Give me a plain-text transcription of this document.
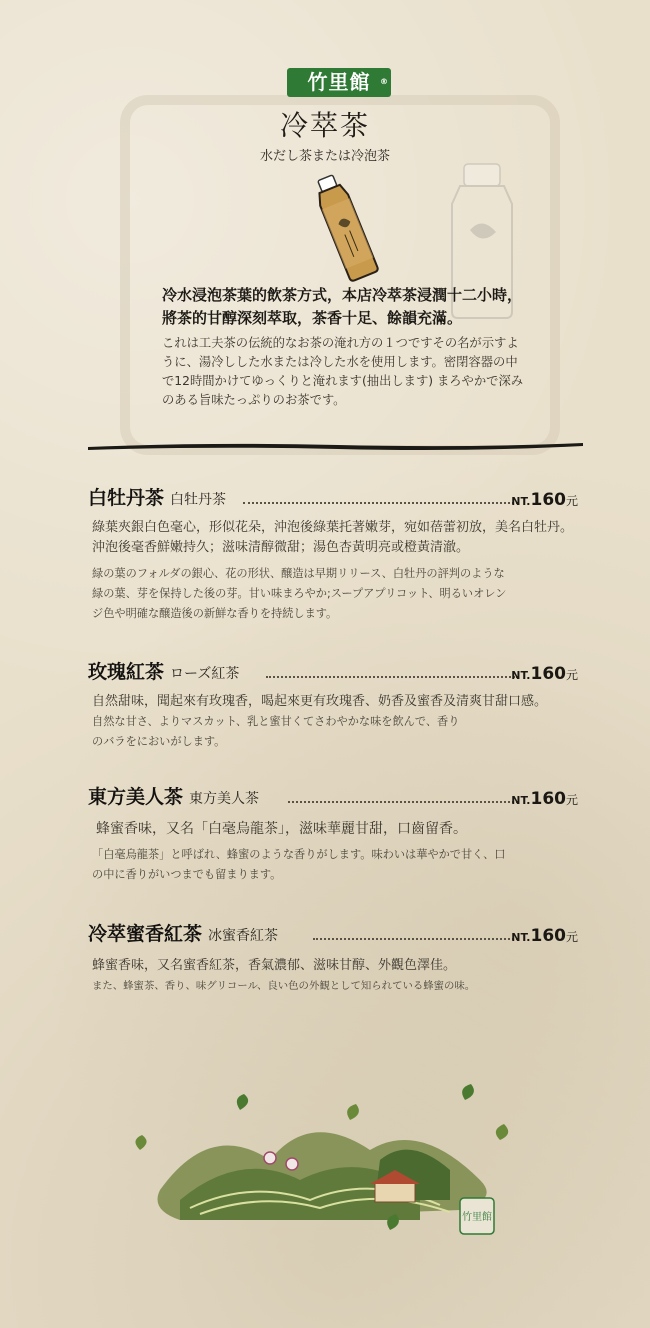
竹里館 ®
冷萃茶
水だし茶または冷泡茶
冷水浸泡茶葉的飲茶方式，本店冷萃茶浸潤十二小時，將茶的甘醇深刻萃取，茶香十足、餘韻充滿。
これは工夫茶の伝統的なお茶の淹れ方の１つですその名が示すように、湯冷しした水または冷した水を使用します。密閉容器の中で12時間かけてゆっくりと淹れます(抽出します) まろやかで深みのある旨味たっぷりのお茶です。
白牡丹茶 白牡丹茶	NT.160元
綠葉夾銀白色毫心，形似花朵，沖泡後綠葉托著嫩芽，宛如蓓蕾初放，美名白牡丹。沖泡後毫香鮮嫩持久；滋味清醇微甜；湯色杏黃明亮或橙黃清澈。
緑の葉のフォルダの銀心、花の形状、醸造は早期リリース、白牡丹の評判のような緑の葉、芽を保持した後の芽。甘い味まろやか;スープアプリコット、明るいオレンジ色や明確な醸造後の新鮮な香りを持続します。
玫瑰紅茶 ローズ紅茶	NT.160元
自然甜味，聞起來有玫瑰香，喝起來更有玫瑰香、奶香及蜜香及清爽甘甜口感。
自然な甘さ、よりマスカット、乳と蜜甘くてさわやかな味を飲んで、香りのバラをにおいがします。
東方美人茶 東方美人茶	NT.160元
蜂蜜香味，又名「白毫烏龍茶」，滋味華麗甘甜，口齒留香。
「白毫烏龍茶」と呼ばれ、蜂蜜のような香りがします。味わいは華やかで甘く、口の中に香りがいつまでも留まります。
冷萃蜜香紅茶 冰蜜香紅茶	NT.160元
蜂蜜香味，又名蜜香紅茶，香氣濃郁、滋味甘醇、外觀色澤佳。
また、蜂蜜茶、香り、味グリコール、良い色の外観として知られている蜂蜜の味。
竹里館
